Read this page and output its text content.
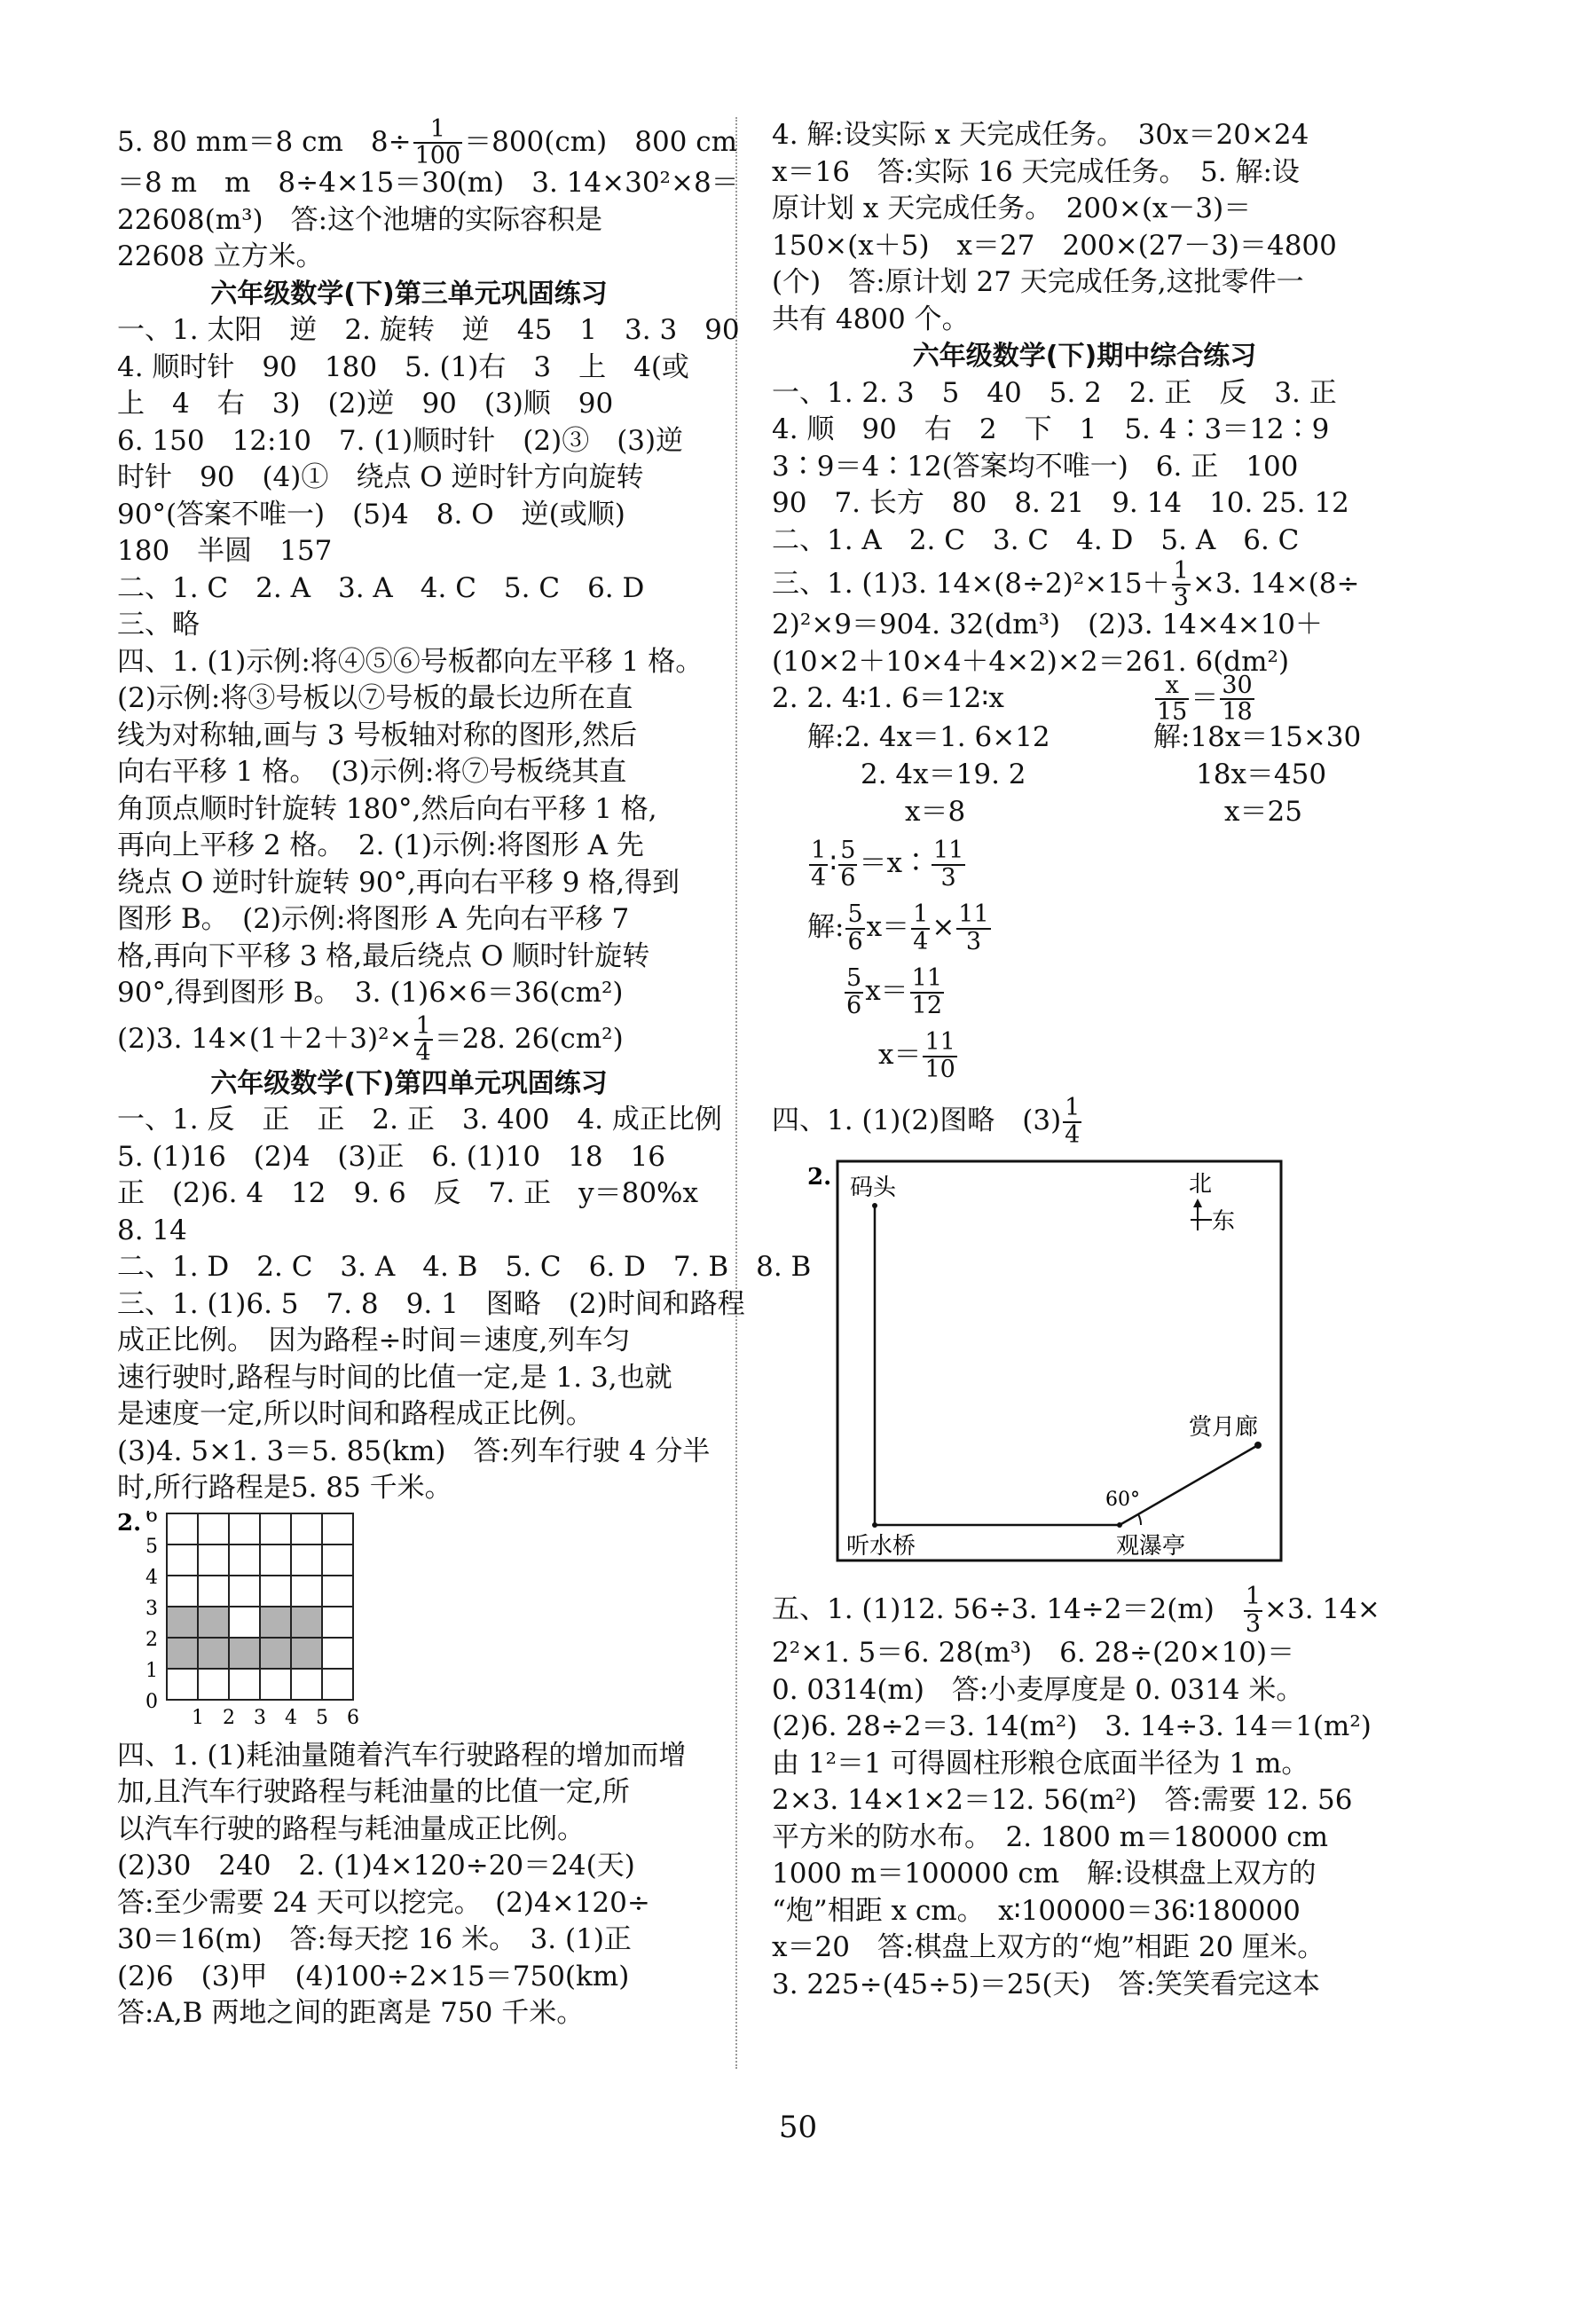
5. 80 mm＝8 cm　$8\div \frac{1}{100} =800(cm)$　800 cm
＝8 m　m　8÷4×15＝30(m)　3. 14×30²×8＝
22608(m³)　答:这个池塘的实际容积是
22608 立方米。
六年级数学(下)第三单元巩固练习
一、1. 太阳　逆　2. 旋转　逆　45　1　3. 3　90
4. 顺时针　90　180　5. (1)右　3　上　4(或
上　4　右　3)　(2)逆　90　(3)顺　90
6. 150　12:10　7. (1)顺时针　(2)③　(3)逆
时针　90　(4)①　绕点 O 逆时针方向旋转
90°(答案不唯一)　(5)4　8. O　逆(或顺)
180　半圆　157
二、1. C　2. A　3. A　4. C　5. C　6. D
三、略
四、1. (1)示例:将④⑤⑥号板都向左平移 1 格。
(2)示例:将③号板以⑦号板的最长边所在直
线为对称轴,画与 3 号板轴对称的图形,然后
向右平移 1 格。　(3)示例:将⑦号板绕其直
角顶点顺时针旋转 180°,然后向右平移 1 格,
再向上平移 2 格。　2. (1)示例:将图形 A 先
绕点 O 逆时针旋转 90°,再向右平移 9 格,得到
图形 B。　(2)示例:将图形 A 先向右平移 7
格,再向下平移 3 格,最后绕点 O 顺时针旋转
90°,得到图形 B。　3. (1)6×6＝36(cm²)
(2)3. $14\times(1+2+3)^2\times \frac{1}{4} =28$. 26(cm²)
六年级数学(下)第四单元巩固练习
一、1. 反　正　正　2. 正　3. 400　4. 成正比例
5. (1)16　(2)4　(3)正　6. (1)10　18　16
正　(2)6. 4　12　9. 6　反　7. 正　y＝80%x
8. 14
二、1. D　2. C　3. A　4. B　5. C　6. D　7. B　8. B
三、1. (1)6. 5　7. 8　9. 1　图略　(2)时间和路程
成正比例。　因为路程÷时间＝速度,列车匀
速行驶时,路程与时间的比值一定,是 1. 3,也就
是速度一定,所以时间和路程成正比例。
(3)4. 5×1. 3＝5. 85(km)　答:列车行驶 4 分半
时,所行路程是5. 85 千米。
2. 6
5
4
3
2
1
0
1 2 3 4 5 6
四、1. (1)耗油量随着汽车行驶路程的增加而增
加,且汽车行驶路程与耗油量的比值一定,所
以汽车行驶的路程与耗油量成正比例。
(2)30　240　2. (1)4×120÷20＝24(天)
答:至少需要 24 天可以挖完。　(2)4×120÷
30＝16(m)　答:每天挖 16 米。　3. (1)正
(2)6　(3)甲　(4)100÷2×15＝750(km)
答:A,B 两地之间的距离是 750 千米。
4. 解:设实际 x 天完成任务。　30x＝20×24
x＝16　答:实际 16 天完成任务。　5. 解:设
原计划 x 天完成任务。　200×(x－3)＝
150×(x＋5)　x＝27　200×(27－3)＝4800
(个)　答:原计划 27 天完成任务,这批零件一
共有 4800 个。
六年级数学(下)期中综合练习
一、1. 2. 3　5　40　5. 2　2. 正　反　3. 正
4. 顺　90　右　2　下　1　5. 4∶3＝12∶9
3∶9＝4∶12(答案均不唯一)　6. 正　100
90　7. 长方　80　8. 21　9. 14　10. 25. 12
二、1. A　2. C　3. C　4. D　5. A　6. C
三、1. (1)3. $14\times(8\div 2)^2\times 15+ \frac{1}{3} \times 3$. 14×(8÷
2)²×9＝904. 32(dm³)　(2)3. 14×4×10＋
(10×2＋10×4＋4×2)×2＝261. 6(dm²)
2. 2. 4∶1. 6＝12∶x	$\frac{x}{15} = \frac{30}{18}$
解:2. 4x＝1. 6×12
2. 4x＝19. 2
x＝8
解:18x＝15×30
18x＝450
x＝25
$\frac{1}{4}$ ∶ $\frac{5}{6}$ ＝x∶ $\frac{11}{3}$
解: $\frac{5}{6} x= \frac{1}{4} \times \frac{11}{3}$
$\frac{5}{6} x= \frac{11}{12}$
$x= \frac{11}{10}$
四、1. (1)(2)图略　$(3) \frac{1}{4}$
2. 码头
60°
赏月廊
听水桥	观瀑亭
北
东
五、1. (1)12. 56÷3. 14÷2＝2(m)　 $\frac{1}{3} \times 3$. 14×
2²×1. 5＝6. 28(m³)　6. 28÷(20×10)＝
0. 0314(m)　答:小麦厚度是 0. 0314 米。
(2)6. 28÷2＝3. 14(m²)　3. 14÷3. 14＝1(m²)
由 1²＝1 可得圆柱形粮仓底面半径为 1 m。
2×3. 14×1×2＝12. 56(m²)　答:需要 12. 56
平方米的防水布。　2. 1800 m＝180000 cm
1000 m＝100000 cm　解:设棋盘上双方的
“炮”相距 x cm。　x∶100000＝36∶180000
x＝20　答:棋盘上双方的“炮”相距 20 厘米。
3. 225÷(45÷5)＝25(天)　答:笑笑看完这本
50
